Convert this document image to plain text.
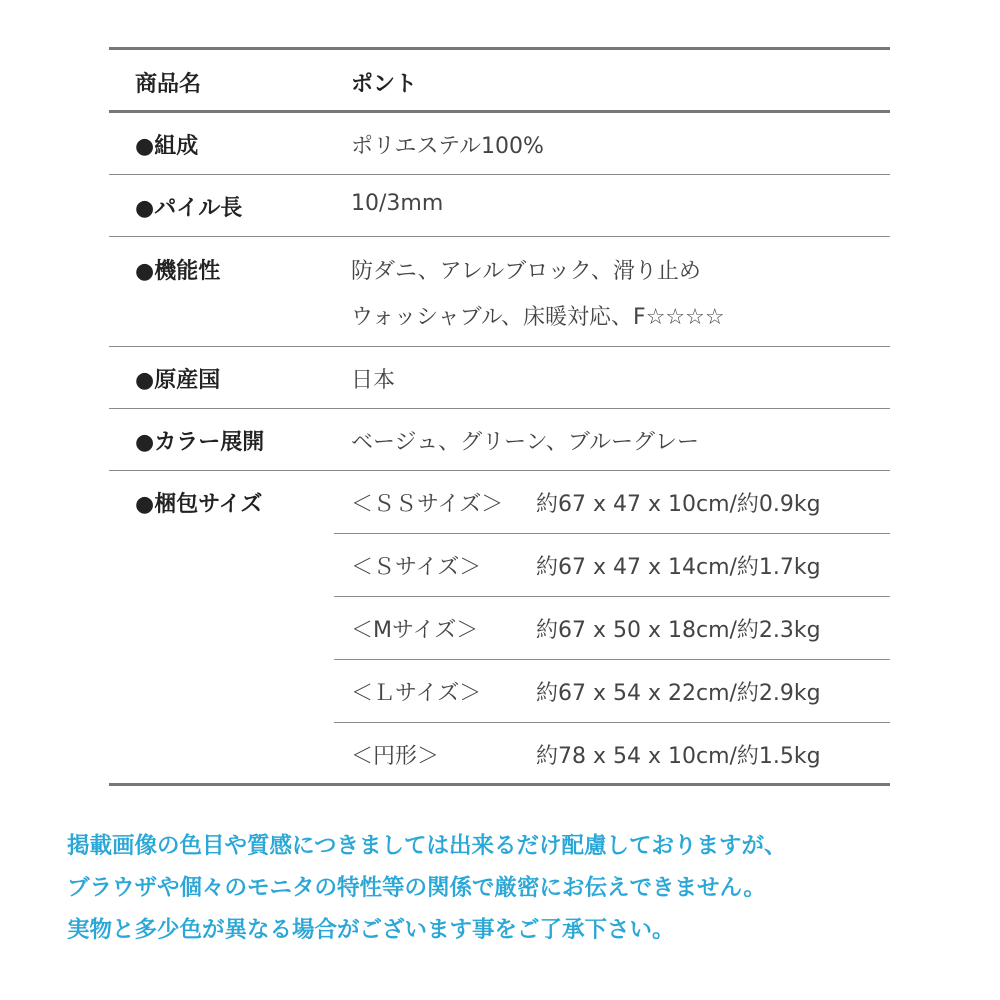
商品名	ポント
●組成	ポリエステル100%
●パイル長	10/3mm
●機能性	防ダニ、アレルブロック、滑り止め
ウォッシャブル、床暖対応、F☆☆☆☆
●原産国	日本
●カラー展開	ベージュ、グリーン、ブルーグレー
●梱包サイズ	＜ＳＳサイズ＞ 約67 x 47 x 10cm/約0.9kg
＜Ｓサイズ＞ 約67 x 47 x 14cm/約1.7kg
＜Mサイズ＞	約67 x 50 x 18cm/約2.3kg
＜Ｌサイズ＞ 約67 x 54 x 22cm/約2.9kg
＜円形＞	約78 x 54 x 10cm/約1.5kg
掲載画像の色目や質感につきましては出来るだけ配慮しておりますが、
ブラウザや個々のモニタの特性等の関係で厳密にお伝えできません。
実物と多少色が異なる場合がございます事をご了承下さい。
